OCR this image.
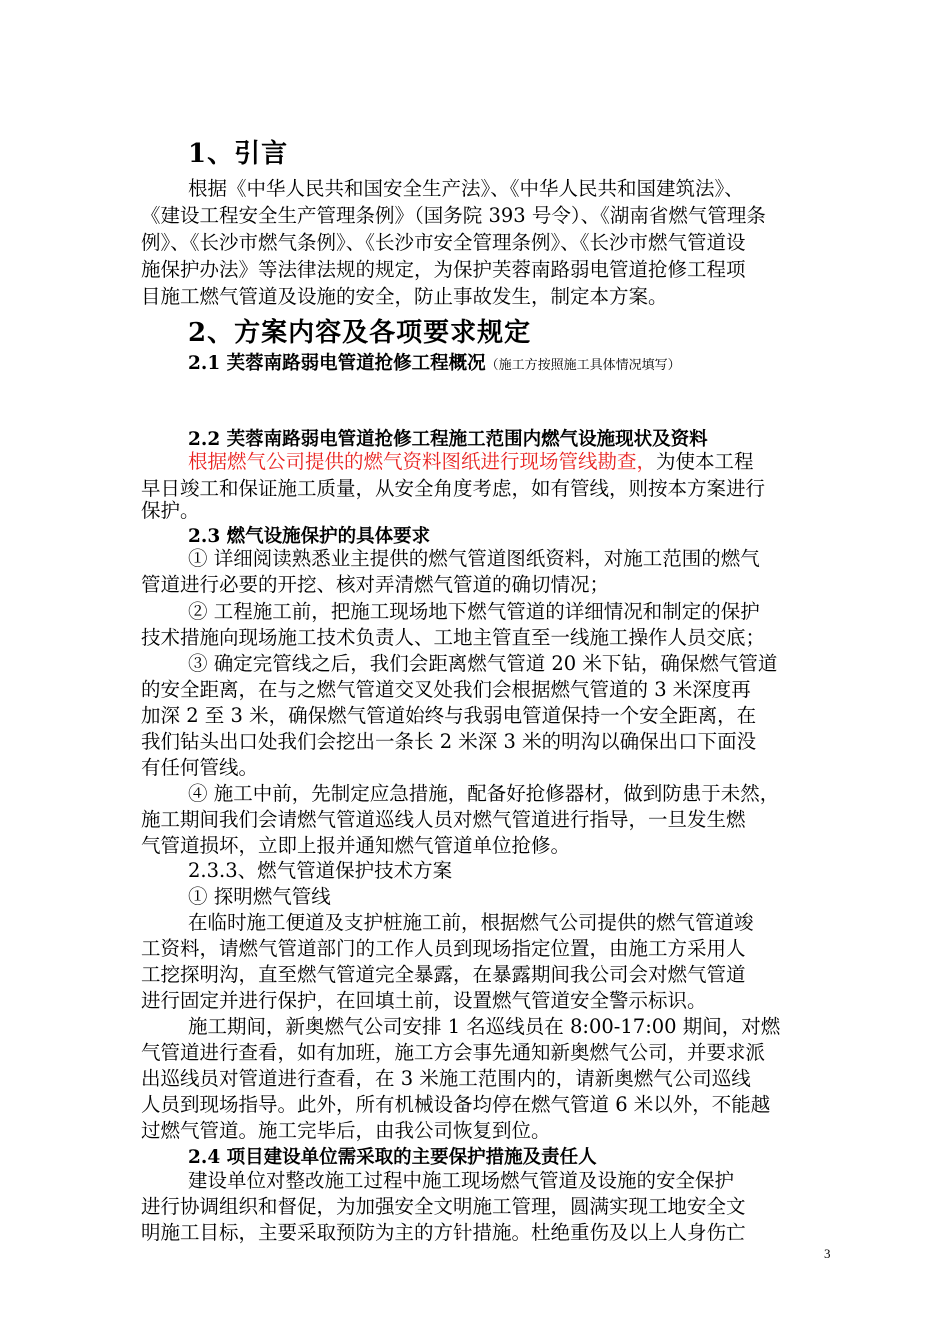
1、引言
根据《中华人民共和国安全生产法》、《中华人民共和国建筑法》、
《建设工程安全生产管理条例》（国务院 393 号令）、《湖南省燃气管理条
例》、《长沙市燃气条例》、《长沙市安全管理条例》、《长沙市燃气管道设
施保护办法》等法律法规的规定，为保护芙蓉南路弱电管道抢修工程项
目施工燃气管道及设施的安全，防止事故发生，制定本方案。
2、方案内容及各项要求规定
2.1 芙蓉南路弱电管道抢修工程概况（施工方按照施工具体情况填写）
2.2 芙蓉南路弱电管道抢修工程施工范围内燃气设施现状及资料
根据燃气公司提供的燃气资料图纸进行现场管线勘查，为使本工程
早日竣工和保证施工质量，从安全角度考虑，如有管线，则按本方案进行
保护。
2.3 燃气设施保护的具体要求
① 详细阅读熟悉业主提供的燃气管道图纸资料，对施工范围的燃气
管道进行必要的开挖、核对弄清燃气管道的确切情况；
② 工程施工前，把施工现场地下燃气管道的详细情况和制定的保护
技术措施向现场施工技术负责人、工地主管直至一线施工操作人员交底；
③ 确定完管线之后，我们会距离燃气管道 20 米下钻，确保燃气管道
的安全距离，在与之燃气管道交叉处我们会根据燃气管道的 3 米深度再
加深 2 至 3 米，确保燃气管道始终与我弱电管道保持一个安全距离，在
我们钻头出口处我们会挖出一条长 2 米深 3 米的明沟以确保出口下面没
有任何管线。
④ 施工中前，先制定应急措施，配备好抢修器材，做到防患于未然，
施工期间我们会请燃气管道巡线人员对燃气管道进行指导，一旦发生燃
气管道损坏，立即上报并通知燃气管道单位抢修。
2.3.3、燃气管道保护技术方案
① 探明燃气管线
在临时施工便道及支护桩施工前，根据燃气公司提供的燃气管道竣
工资料，请燃气管道部门的工作人员到现场指定位置，由施工方采用人
工挖探明沟，直至燃气管道完全暴露，在暴露期间我公司会对燃气管道
进行固定并进行保护，在回填土前，设置燃气管道安全警示标识。
施工期间，新奥燃气公司安排 1 名巡线员在 8:00-17:00 期间，对燃
气管道进行查看，如有加班，施工方会事先通知新奥燃气公司，并要求派
出巡线员对管道进行查看，在 3 米施工范围内的，请新奥燃气公司巡线
人员到现场指导。此外，所有机械设备均停在燃气管道 6 米以外，不能越
过燃气管道。施工完毕后，由我公司恢复到位。
2.4 项目建设单位需采取的主要保护措施及责任人
建设单位对整改施工过程中施工现场燃气管道及设施的安全保护
进行协调组织和督促，为加强安全文明施工管理，圆满实现工地安全文
明施工目标，主要采取预防为主的方针措施。杜绝重伤及以上人身伤亡
3
